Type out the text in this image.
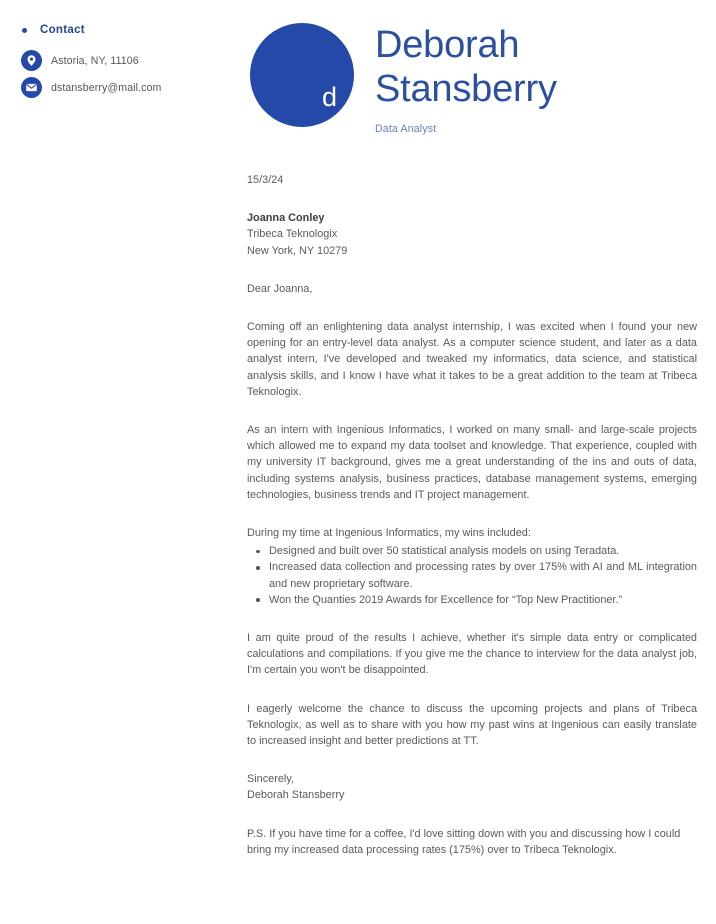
Contact
Astoria, NY, 11106
dstansberry@mail.com	d
Deborah
Stansberry
Data Analyst
15/3/24
Joanna Conley
Tribeca Teknologix
New York, NY 10279
Dear Joanna,

Coming off an enlightening data analyst internship, I was excited when I found your new opening for an entry-level data analyst. As a computer science student, and later as a data analyst intern, I've developed and tweaked my informatics, data science, and statistical analysis skills, and I know I have what it takes to be a great addition to the team at Tribeca Teknologix.

As an intern with Ingenious Informatics, I worked on many small- and large-scale projects which allowed me to expand my data toolset and knowledge. That experience, coupled with my university IT background, gives me a great understanding of the ins and outs of data, including systems analysis, business practices, database management systems, emerging technologies, business trends and IT project management.

During my time at Ingenious Informatics, my wins included:
Designed and built over 50 statistical analysis models on using Teradata.
Increased data collection and processing rates by over 175% with AI and ML integration and new proprietary software.
Won the Quanties 2019 Awards for Excellence for “Top New Practitioner.”

I am quite proud of the results I achieve, whether it's simple data entry or complicated calculations and compilations. If you give me the chance to interview for the data analyst job, I'm certain you won't be disappointed.

I eagerly welcome the chance to discuss the upcoming projects and plans of Tribeca Teknologix, as well as to share with you how my past wins at Ingenious can easily translate to increased insight and better predictions at TT.

Sincerely,
Deborah Stansberry

P.S. If you have time for a coffee, I'd love sitting down with you and discussing how I could bring my increased data processing rates (175%) over to Tribeca Teknologix.
